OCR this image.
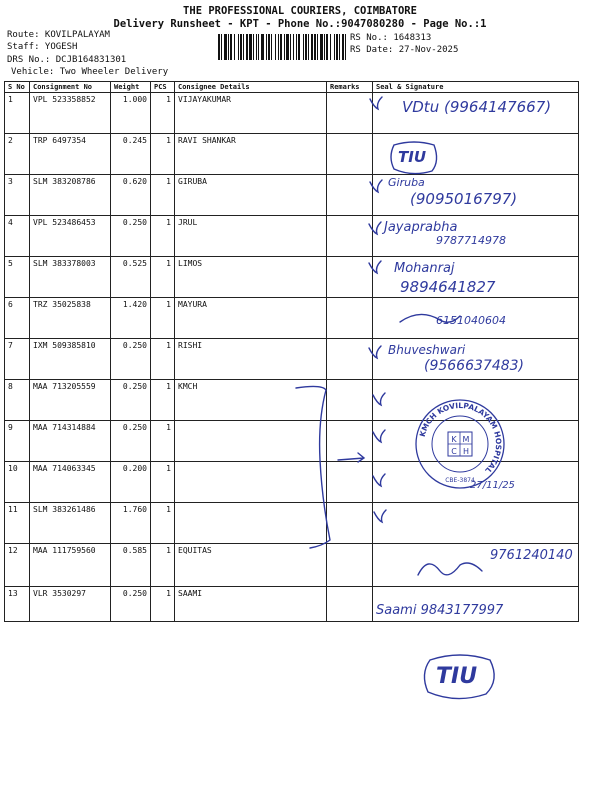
THE PROFESSIONAL COURIERS, COIMBATORE
Delivery Runsheet - KPT - Phone No.:9047080280 - Page No.:1
Route: KOVILPALAYAM
Staff: YOGESH
DRS No.: DCJB164831301
Vehicle: Two Wheeler Delivery
RS No.: 1648313
RS Date: 27-Nov-2025
S No	Consignment No	Weight	PCS	Consignee Details	Remarks	Seal & Signature
1	VPL 523358852	1.000	1	VIJAYAKUMAR		
2	TRP 6497354	0.245	1	RAVI SHANKAR		
3	SLM 383208786	0.620	1	GIRUBA		
4	VPL 523486453	0.250	1	JRUL		
5	SLM 383378003	0.525	1	LIMOS		
6	TRZ 35025838	1.420	1	MAYURA		
7	IXM 509385810	0.250	1	RISHI		
8	MAA 713205559	0.250	1	KMCH		
9	MAA 714314884	0.250	1			
10	MAA 714063345	0.200	1			
11	SLM 383261486	1.760	1			
12	MAA 111759560	0.585	1	EQUITAS		
13	VLR 3530297	0.250	1	SAAMI		
VDtu (9964147667)
TIU
Giruba
(9095016797)
Jayaprabha
9787714978
Mohanraj
9894641827
6151040604
Bhuveshwari
(9566637483)
27/11/25
9761240140
Saami 9843177997
TIU
KMCH KOVILPALAYAM HOSPITAL
K M
C H
CBE-3874
